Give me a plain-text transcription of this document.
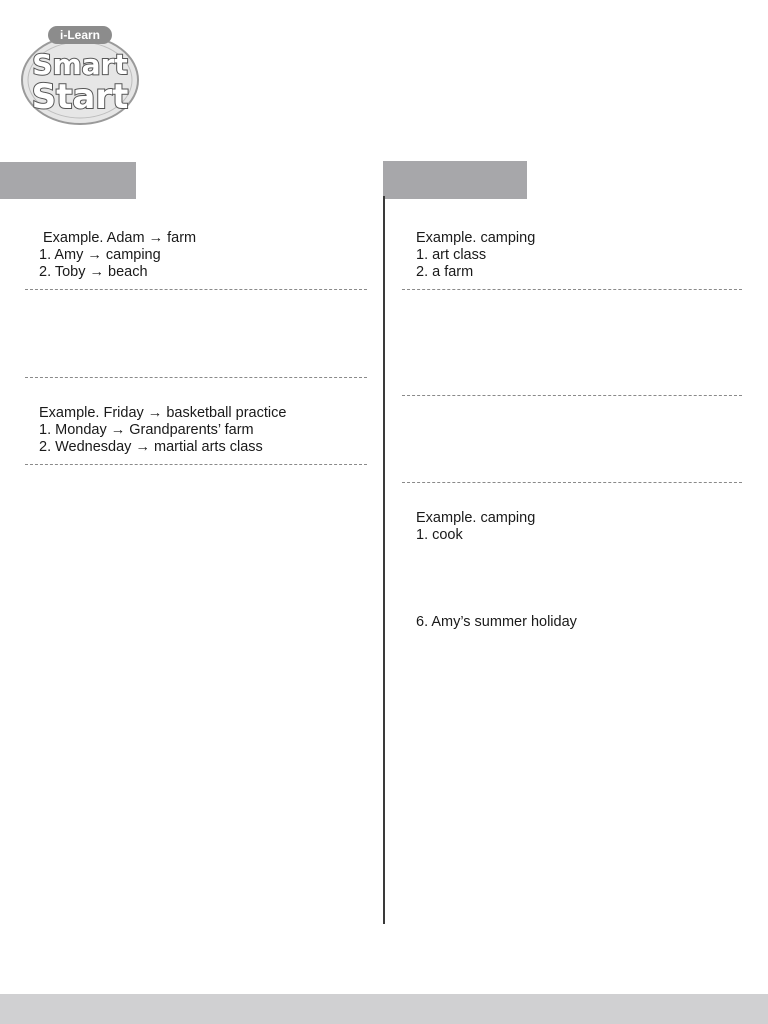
i-Learn
Smart
Start
Example. Adam → farm
1. Amy → camping
2. Toby → beach
Example. Friday → basketball practice
1. Monday → Grandparents’ farm
2. Wednesday → martial arts class
Example. camping
1. art class
2. a farm
Example. camping
1. cook
6. Amy’s summer holiday
